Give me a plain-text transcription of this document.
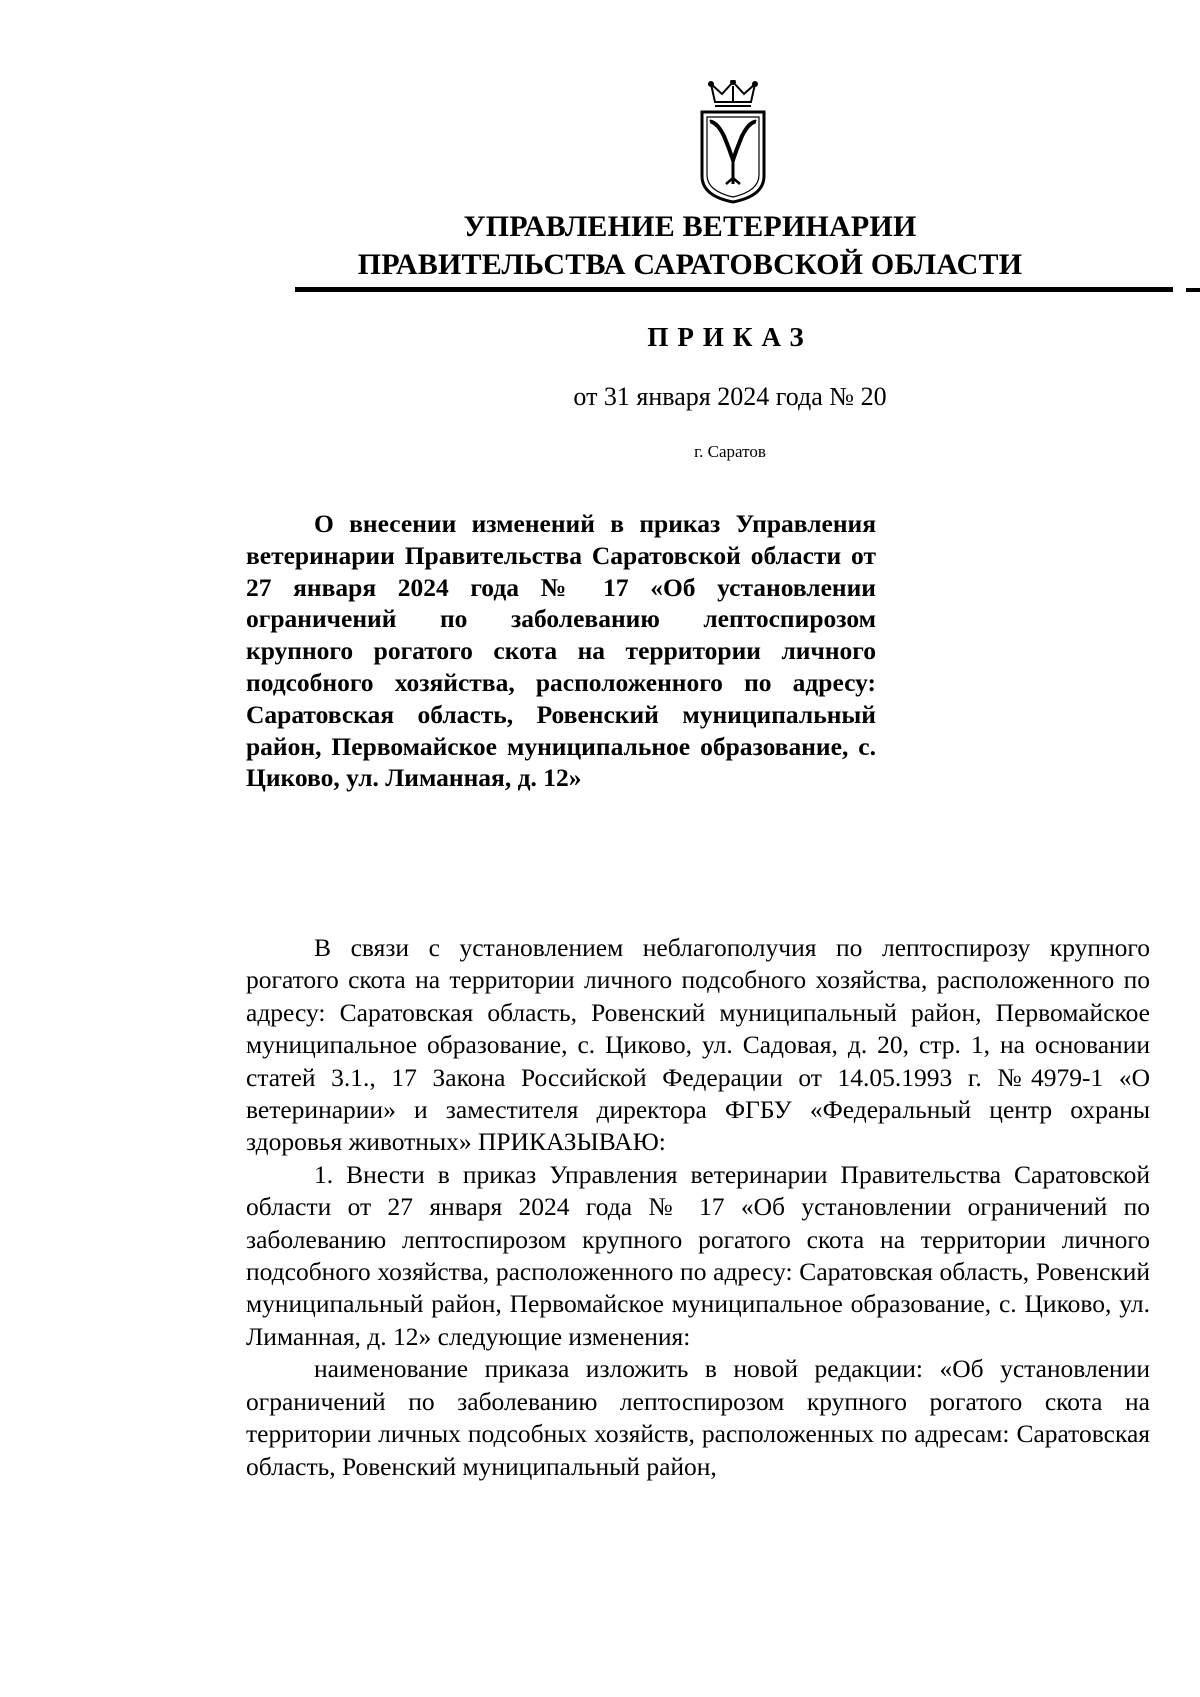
УПРАВЛЕНИЕ ВЕТЕРИНАРИИ
ПРАВИТЕЛЬСТВА САРАТОВСКОЙ ОБЛАСТИ
ПРИКАЗ
от 31 января 2024 года № 20
г. Саратов
О внесении изменений в приказ Управления ветеринарии Правительства Саратовской области от 27 января 2024 года № 17 «Об установлении ограничений по заболеванию лептоспирозом крупного рогатого скота на территории личного подсобного хозяйства, расположенного по адресу: Саратовская область, Ровенский муниципальный район, Первомайское муниципальное образование, с. Циково, ул. Лиманная, д. 12»

В связи с установлением неблагополучия по лептоспирозу крупного рогатого скота на территории личного подсобного хозяйства, расположенного по адресу: Саратовская область, Ровенский муниципальный район, Первомайское муниципальное образование, с. Циково, ул. Садовая, д. 20, стр. 1, на основании статей 3.1., 17 Закона Российской Федерации от 14.05.1993 г. №4979-1 «О ветеринарии» и заместителя директора ФГБУ «Федеральный центр охраны здоровья животных» ПРИКАЗЫВАЮ:

1. Внести в приказ Управления ветеринарии Правительства Саратовской области от 27 января 2024 года № 17 «Об установлении ограничений по заболеванию лептоспирозом крупного рогатого скота на территории личного подсобного хозяйства, расположенного по адресу: Саратовская область, Ровенский муниципальный район, Первомайское муниципальное образование, с. Циково, ул. Лиманная, д. 12» следующие изменения:

наименование приказа изложить в новой редакции: «Об установлении ограничений по заболеванию лептоспирозом крупного рогатого скота на территории личных подсобных хозяйств, расположенных по адресам: Саратовская область, Ровенский муниципальный район,
